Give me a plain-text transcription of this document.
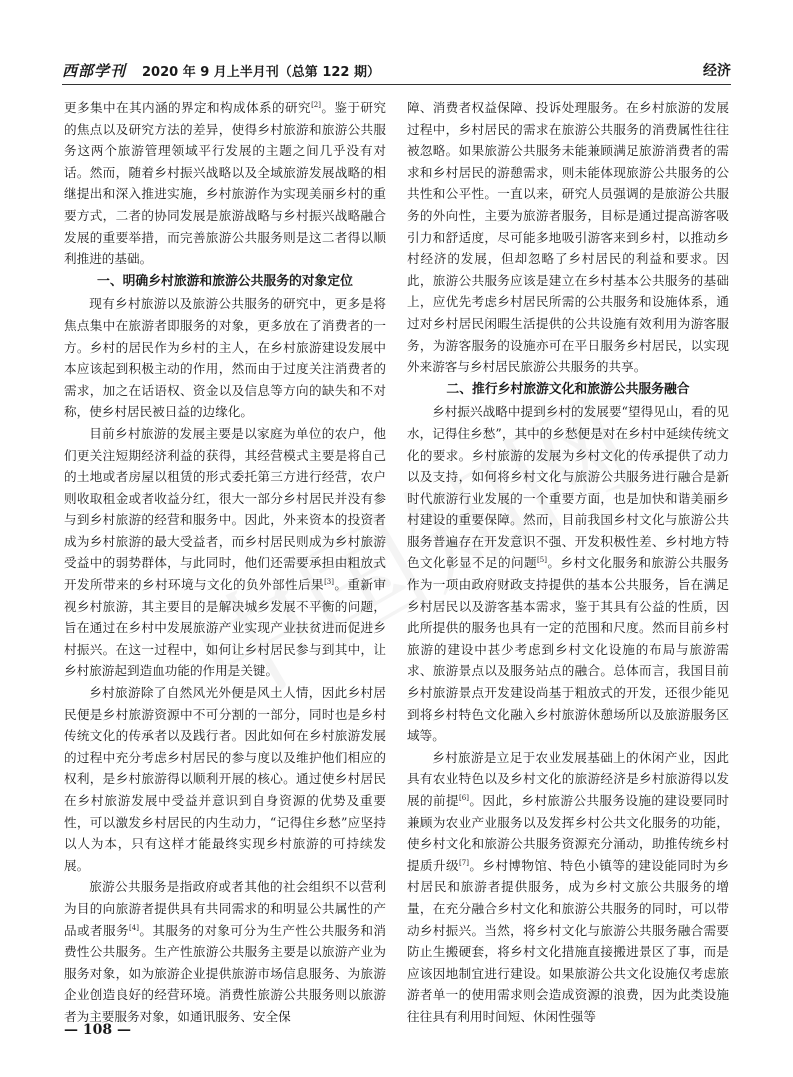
西部学刊 2020 年 9 月上半月刊（总第 122 期）	经济

更多集中在其内涵的界定和构成体系的研究[2]。鉴于研究的焦点以及研究方法的差异，使得乡村旅游和旅游公共服务这两个旅游管理领域平行发展的主题之间几乎没有对话。然而，随着乡村振兴战略以及全域旅游发展战略的相继提出和深入推进实施，乡村旅游作为实现美丽乡村的重要方式，二者的协同发展是旅游战略与乡村振兴战略融合发展的重要举措，而完善旅游公共服务则是这二者得以顺利推进的基础。

一、明确乡村旅游和旅游公共服务的对象定位

现有乡村旅游以及旅游公共服务的研究中，更多是将焦点集中在旅游者即服务的对象，更多放在了消费者的一方。乡村的居民作为乡村的主人，在乡村旅游建设发展中本应该起到积极主动的作用，然而由于过度关注消费者的需求，加之在话语权、资金以及信息等方向的缺失和不对称，使乡村居民被日益的边缘化。

目前乡村旅游的发展主要是以家庭为单位的农户，他们更关注短期经济利益的获得，其经营模式主要是将自己的土地或者房屋以租赁的形式委托第三方进行经营，农户则收取租金或者收益分红，很大一部分乡村居民并没有参与到乡村旅游的经营和服务中。因此，外来资本的投资者成为乡村旅游的最大受益者，而乡村居民则成为乡村旅游受益中的弱势群体，与此同时，他们还需要承担由粗放式开发所带来的乡村环境与文化的负外部性后果[3]。重新审视乡村旅游，其主要目的是解决城乡发展不平衡的问题，旨在通过在乡村中发展旅游产业实现产业扶贫进而促进乡村振兴。在这一过程中，如何让乡村居民参与到其中，让乡村旅游起到造血功能的作用是关键。

乡村旅游除了自然风光外便是风土人情，因此乡村居民便是乡村旅游资源中不可分割的一部分，同时也是乡村传统文化的传承者以及践行者。因此如何在乡村旅游发展的过程中充分考虑乡村居民的参与度以及维护他们相应的权利，是乡村旅游得以顺利开展的核心。通过使乡村居民在乡村旅游发展中受益并意识到自身资源的优势及重要性，可以激发乡村居民的内生动力，“记得住乡愁”应坚持以人为本，只有这样才能最终实现乡村旅游的可持续发展。

旅游公共服务是指政府或者其他的社会组织不以营利为目的向旅游者提供具有共同需求的和明显公共属性的产品或者服务[4]。其服务的对象可分为生产性公共服务和消费性公共服务。生产性旅游公共服务主要是以旅游产业为服务对象，如为旅游企业提供旅游市场信息服务、为旅游企业创造良好的经营环境。消费性旅游公共服务则以旅游者为主要服务对象，如通讯服务、安全保

障、消费者权益保障、投诉处理服务。在乡村旅游的发展过程中，乡村居民的需求在旅游公共服务的消费属性往往被忽略。如果旅游公共服务未能兼顾满足旅游消费者的需求和乡村居民的游憩需求，则未能体现旅游公共服务的公共性和公平性。一直以来，研究人员强调的是旅游公共服务的外向性，主要为旅游者服务，目标是通过提高游客吸引力和舒适度，尽可能多地吸引游客来到乡村，以推动乡村经济的发展，但却忽略了乡村居民的利益和要求。因此，旅游公共服务应该是建立在乡村基本公共服务的基础上，应优先考虑乡村居民所需的公共服务和设施体系，通过对乡村居民闲暇生活提供的公共设施有效利用为游客服务，为游客服务的设施亦可在平日服务乡村居民，以实现外来游客与乡村居民旅游公共服务的共享。

二、推行乡村旅游文化和旅游公共服务融合

乡村振兴战略中提到乡村的发展要“望得见山，看的见水，记得住乡愁”，其中的乡愁便是对在乡村中延续传统文化的要求。乡村旅游的发展为乡村文化的传承提供了动力以及支持，如何将乡村文化与旅游公共服务进行融合是新时代旅游行业发展的一个重要方面，也是加快和谐美丽乡村建设的重要保障。然而，目前我国乡村文化与旅游公共服务普遍存在开发意识不强、开发积极性差、乡村地方特色文化彰显不足的问题[5]。乡村文化服务和旅游公共服务作为一项由政府财政支持提供的基本公共服务，旨在满足乡村居民以及游客基本需求，鉴于其具有公益的性质，因此所提供的服务也具有一定的范围和尺度。然而目前乡村旅游的建设中甚少考虑到乡村文化设施的布局与旅游需求、旅游景点以及服务站点的融合。总体而言，我国目前乡村旅游景点开发建设尚基于粗放式的开发，还很少能见到将乡村特色文化融入乡村旅游休憩场所以及旅游服务区域等。

乡村旅游是立足于农业发展基础上的休闲产业，因此具有农业特色以及乡村文化的旅游经济是乡村旅游得以发展的前提[6]。因此，乡村旅游公共服务设施的建设要同时兼顾为农业产业服务以及发挥乡村公共文化服务的功能，使乡村文化和旅游公共服务资源充分涌动，助推传统乡村提质升级[7]。乡村博物馆、特色小镇等的建设能同时为乡村居民和旅游者提供服务，成为乡村文旅公共服务的增量，在充分融合乡村文化和旅游公共服务的同时，可以带动乡村振兴。当然，将乡村文化与旅游公共服务融合需要防止生搬硬套，将乡村文化措施直接搬进景区了事，而是应该因地制宜进行建设。如果旅游公共文化设施仅考虑旅游者单一的使用需求则会造成资源的浪费，因为此类设施往往具有利用时间短、休闲性强等

— 108 —
